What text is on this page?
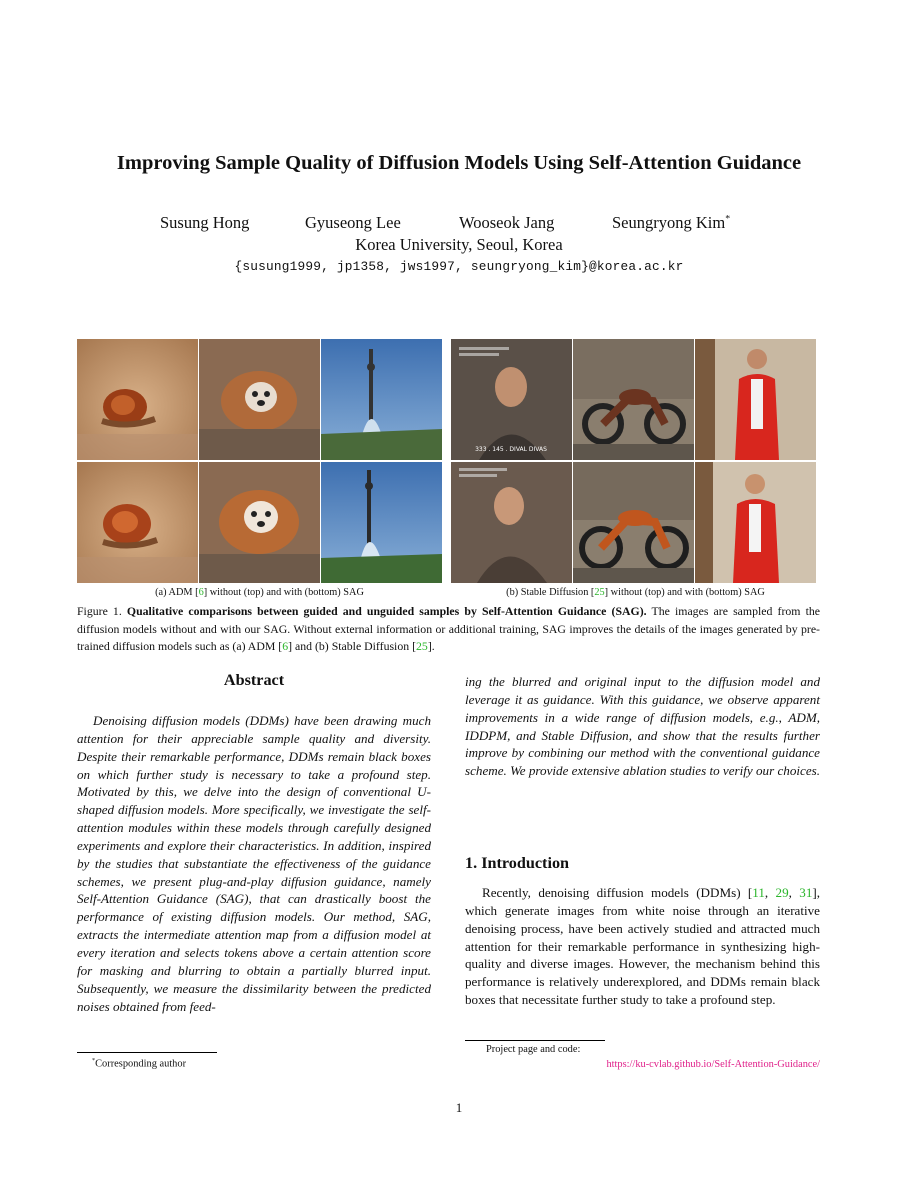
Improving Sample Quality of Diffusion Models Using Self-Attention Guidance
Susung Hong	Gyuseong Lee	Wooseok Jang	Seungryong Kim*
Korea University, Seoul, Korea
{susung1999, jp1358, jws1997, seungryong_kim}@korea.ac.kr
333 . 145 . DIVAL DIVAS
(a) ADM [6] without (top) and with (bottom) SAG	(b) Stable Diffusion [25] without (top) and with (bottom) SAG
Figure 1. Qualitative comparisons between guided and unguided samples by Self-Attention Guidance (SAG). The images are sampled from the diffusion models without and with our SAG. Without external information or additional training, SAG improves the details of the images generated by pre-trained diffusion models such as (a) ADM [6] and (b) Stable Diffusion [25].
Abstract
Denoising diffusion models (DDMs) have been drawing much attention for their appreciable sample quality and diversity. Despite their remarkable performance, DDMs remain black boxes on which further study is necessary to take a profound step. Motivated by this, we delve into the design of conventional U-shaped diffusion models. More specifically, we investigate the self-attention modules within these models through carefully designed experiments and explore their characteristics. In addition, inspired by the studies that substantiate the effectiveness of the guidance schemes, we present plug-and-play diffusion guidance, namely Self-Attention Guidance (SAG), that can drastically boost the performance of existing diffusion models. Our method, SAG, extracts the intermediate attention map from a diffusion model at every iteration and selects tokens above a certain attention score for masking and blurring to obtain a partially blurred input. Subsequently, we measure the dissimilarity between the predicted noises obtained from feed-
ing the blurred and original input to the diffusion model and leverage it as guidance. With this guidance, we observe apparent improvements in a wide range of diffusion models, e.g., ADM, IDDPM, and Stable Diffusion, and show that the results further improve by combining our method with the conventional guidance scheme. We provide extensive ablation studies to verify our choices.
1. Introduction
Recently, denoising diffusion models (DDMs) [11, 29, 31], which generate images from white noise through an iterative denoising process, have been actively studied and attracted much attention for their remarkable performance in synthesizing high-quality and diverse images. However, the mechanism behind this performance is relatively underexplored, and DDMs remain black boxes that necessitate further study to take a profound step.
*Corresponding author
Project page and code:
https://ku-cvlab.github.io/Self-Attention-Guidance/
1
